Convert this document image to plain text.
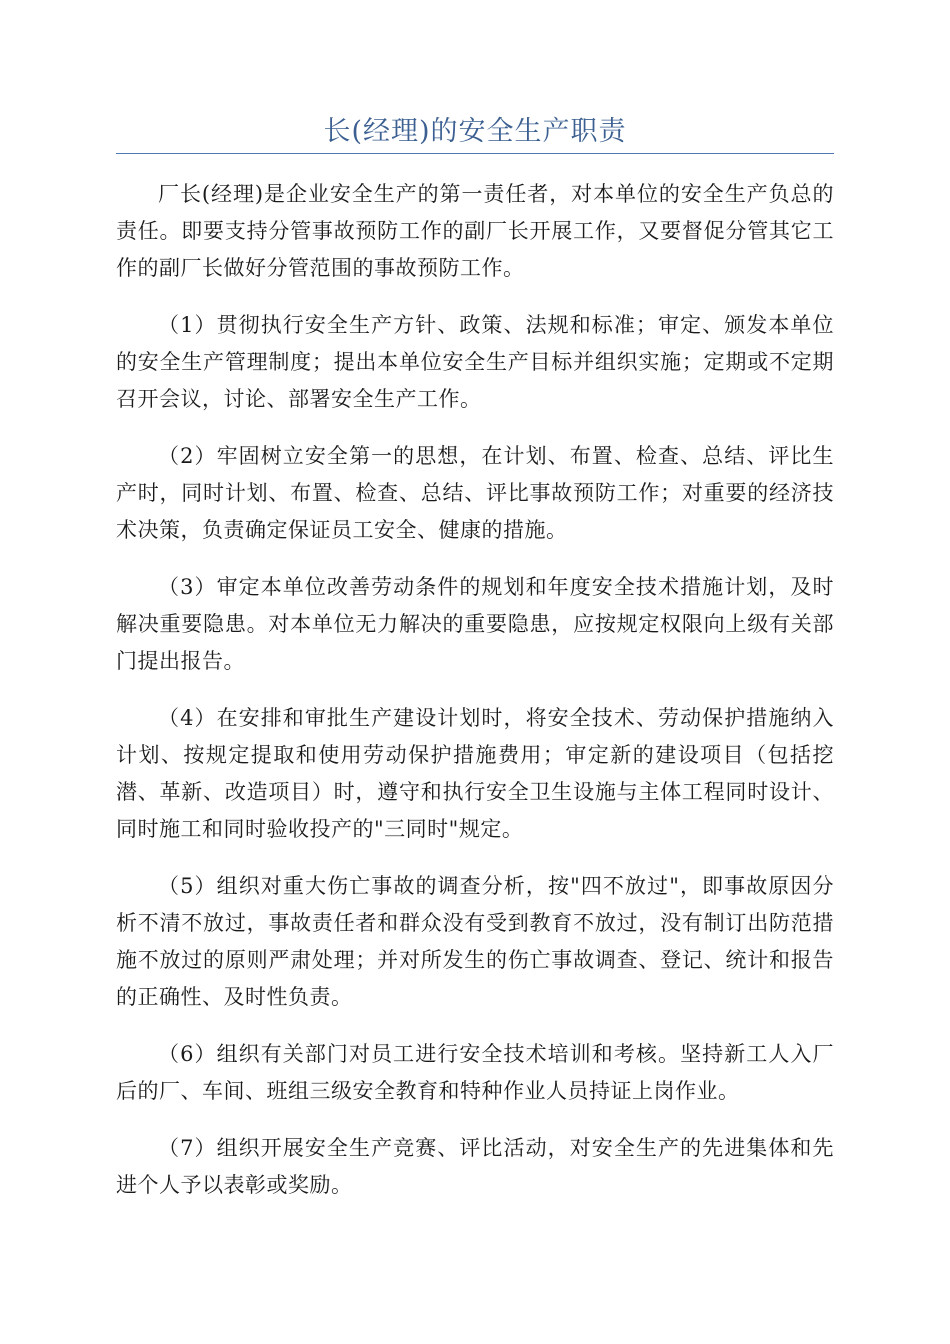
长(经理)的安全生产职责

厂长(经理)是企业安全生产的第一责任者，对本单位的安全生产负总的责任。即要支持分管事故预防工作的副厂长开展工作，又要督促分管其它工作的副厂长做好分管范围的事故预防工作。

（1）贯彻执行安全生产方针、政策、法规和标准；审定、颁发本单位的安全生产管理制度；提出本单位安全生产目标并组织实施；定期或不定期召开会议，讨论、部署安全生产工作。

（2）牢固树立安全第一的思想，在计划、布置、检查、总结、评比生产时，同时计划、布置、检查、总结、评比事故预防工作；对重要的经济技术决策，负责确定保证员工安全、健康的措施。

（3）审定本单位改善劳动条件的规划和年度安全技术措施计划，及时解决重要隐患。对本单位无力解决的重要隐患，应按规定权限向上级有关部门提出报告。

（4）在安排和审批生产建设计划时，将安全技术、劳动保护措施纳入计划、按规定提取和使用劳动保护措施费用；审定新的建设项目（包括挖潜、革新、改造项目）时，遵守和执行安全卫生设施与主体工程同时设计、同时施工和同时验收投产的"三同时"规定。

（5）组织对重大伤亡事故的调查分析，按"四不放过"，即事故原因分析不清不放过，事故责任者和群众没有受到教育不放过，没有制订出防范措施不放过的原则严肃处理；并对所发生的伤亡事故调查、登记、统计和报告的正确性、及时性负责。

（6）组织有关部门对员工进行安全技术培训和考核。坚持新工人入厂后的厂、车间、班组三级安全教育和特种作业人员持证上岗作业。

（7）组织开展安全生产竞赛、评比活动，对安全生产的先进集体和先进个人予以表彰或奖励。
